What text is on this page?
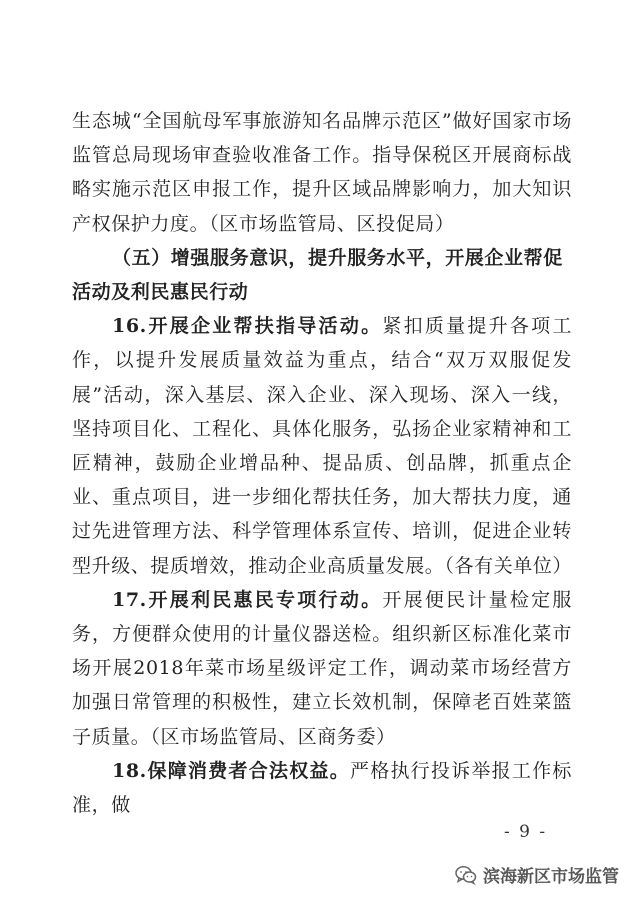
生态城“全国航母军事旅游知名品牌示范区”做好国家市场监管总局现场审查验收准备工作。指导保税区开展商标战略实施示范区申报工作，提升区域品牌影响力，加大知识产权保护力度。（区市场监管局、区投促局）

（五）增强服务意识，提升服务水平，开展企业帮促活动及利民惠民行动

16.开展企业帮扶指导活动。紧扣质量提升各项工作，以提升发展质量效益为重点，结合“双万双服促发展”活动，深入基层、深入企业、深入现场、深入一线，坚持项目化、工程化、具体化服务，弘扬企业家精神和工匠精神，鼓励企业增品种、提品质、创品牌，抓重点企业、重点项目，进一步细化帮扶任务，加大帮扶力度，通过先进管理方法、科学管理体系宣传、培训，促进企业转型升级、提质增效，推动企业高质量发展。（各有关单位）

17.开展利民惠民专项行动。开展便民计量检定服务，方便群众使用的计量仪器送检。组织新区标准化菜市场开展2018年菜市场星级评定工作，调动菜市场经营方加强日常管理的积极性，建立长效机制，保障老百姓菜篮子质量。（区市场监管局、区商务委）

18.保障消费者合法权益。严格执行投诉举报工作标准，做

- 9 -
滨海新区市场监管
